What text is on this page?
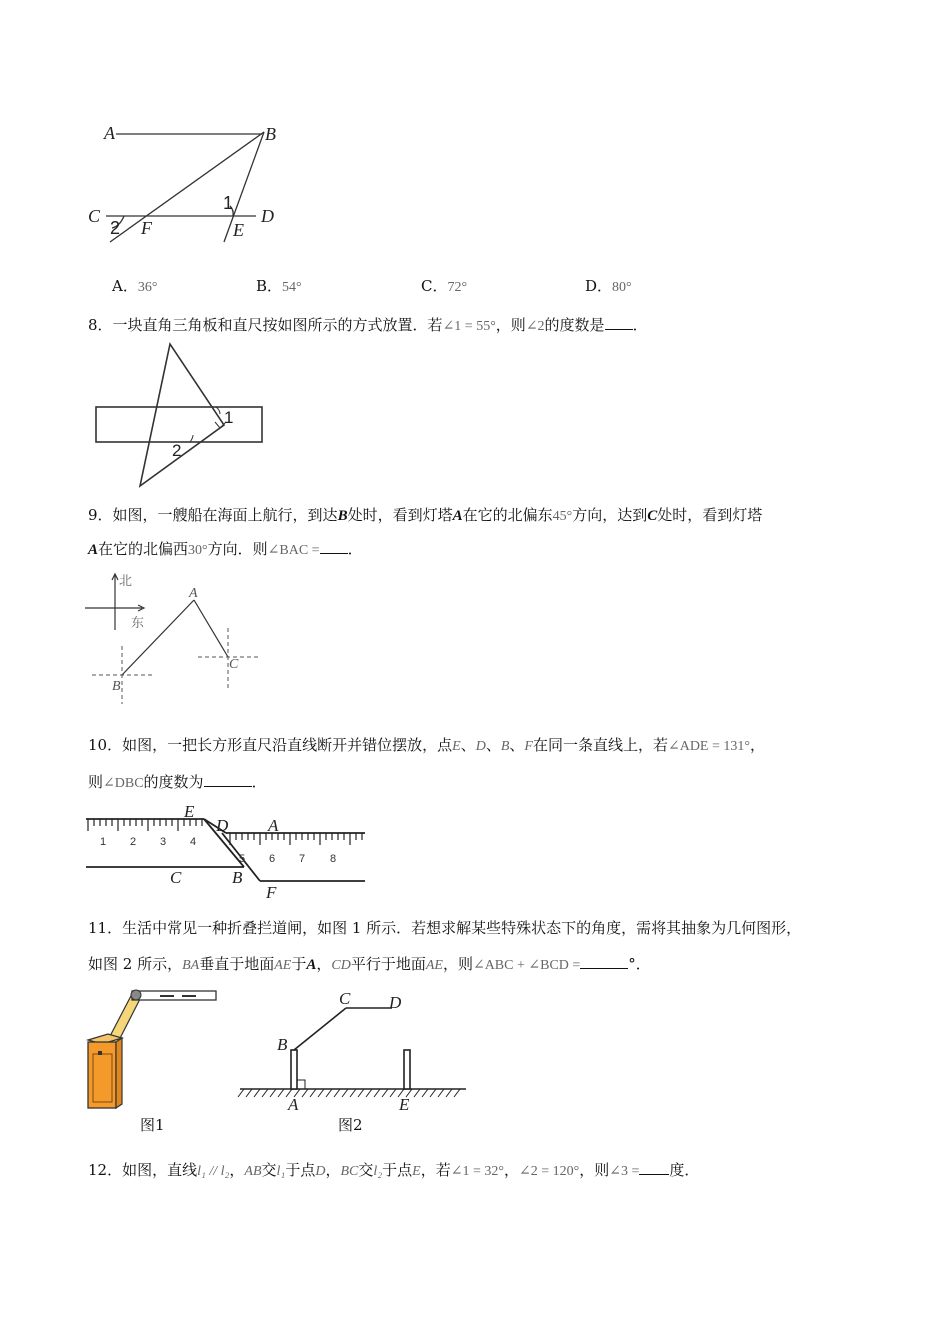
A	B
C	D
E
F
1
2
A．36°	B．54°	C．72°	D．80°
8．一块直角三角板和直尺按如图所示的方式放置．若∠1 = 55°，则∠2的度数是 ．
1
2
9．如图，一艘船在海面上航行，到达B处时，看到灯塔A在它的北偏东45°方向，达到C处时，看到灯塔
A在它的北偏西30°方向．则∠BAC = ．
北
东
A
B
C
10．如图，一把长方形直尺沿直线断开并错位摆放，点E、D、B、F在同一条直线上，若∠ADE = 131°，
则∠DBC的度数为	．
1 2 3 4
5 6 7 8
E
D A
C	B
F
11．生活中常见一种折叠拦道闸，如图 1 所示．若想求解某些特殊状态下的角度，需将其抽象为几何图形，
如图 2 所示，BA垂直于地面AE于A，CD平行于地面AE，则∠ABC + ∠BCD =	°．
图1
B
C D
A	E
图2
12．如图，直线l₁ // l₂，AB交l₁于点D，BC交l₂于点E，若∠1 = 32°，∠2 = 120°，则∠3 = 度．
